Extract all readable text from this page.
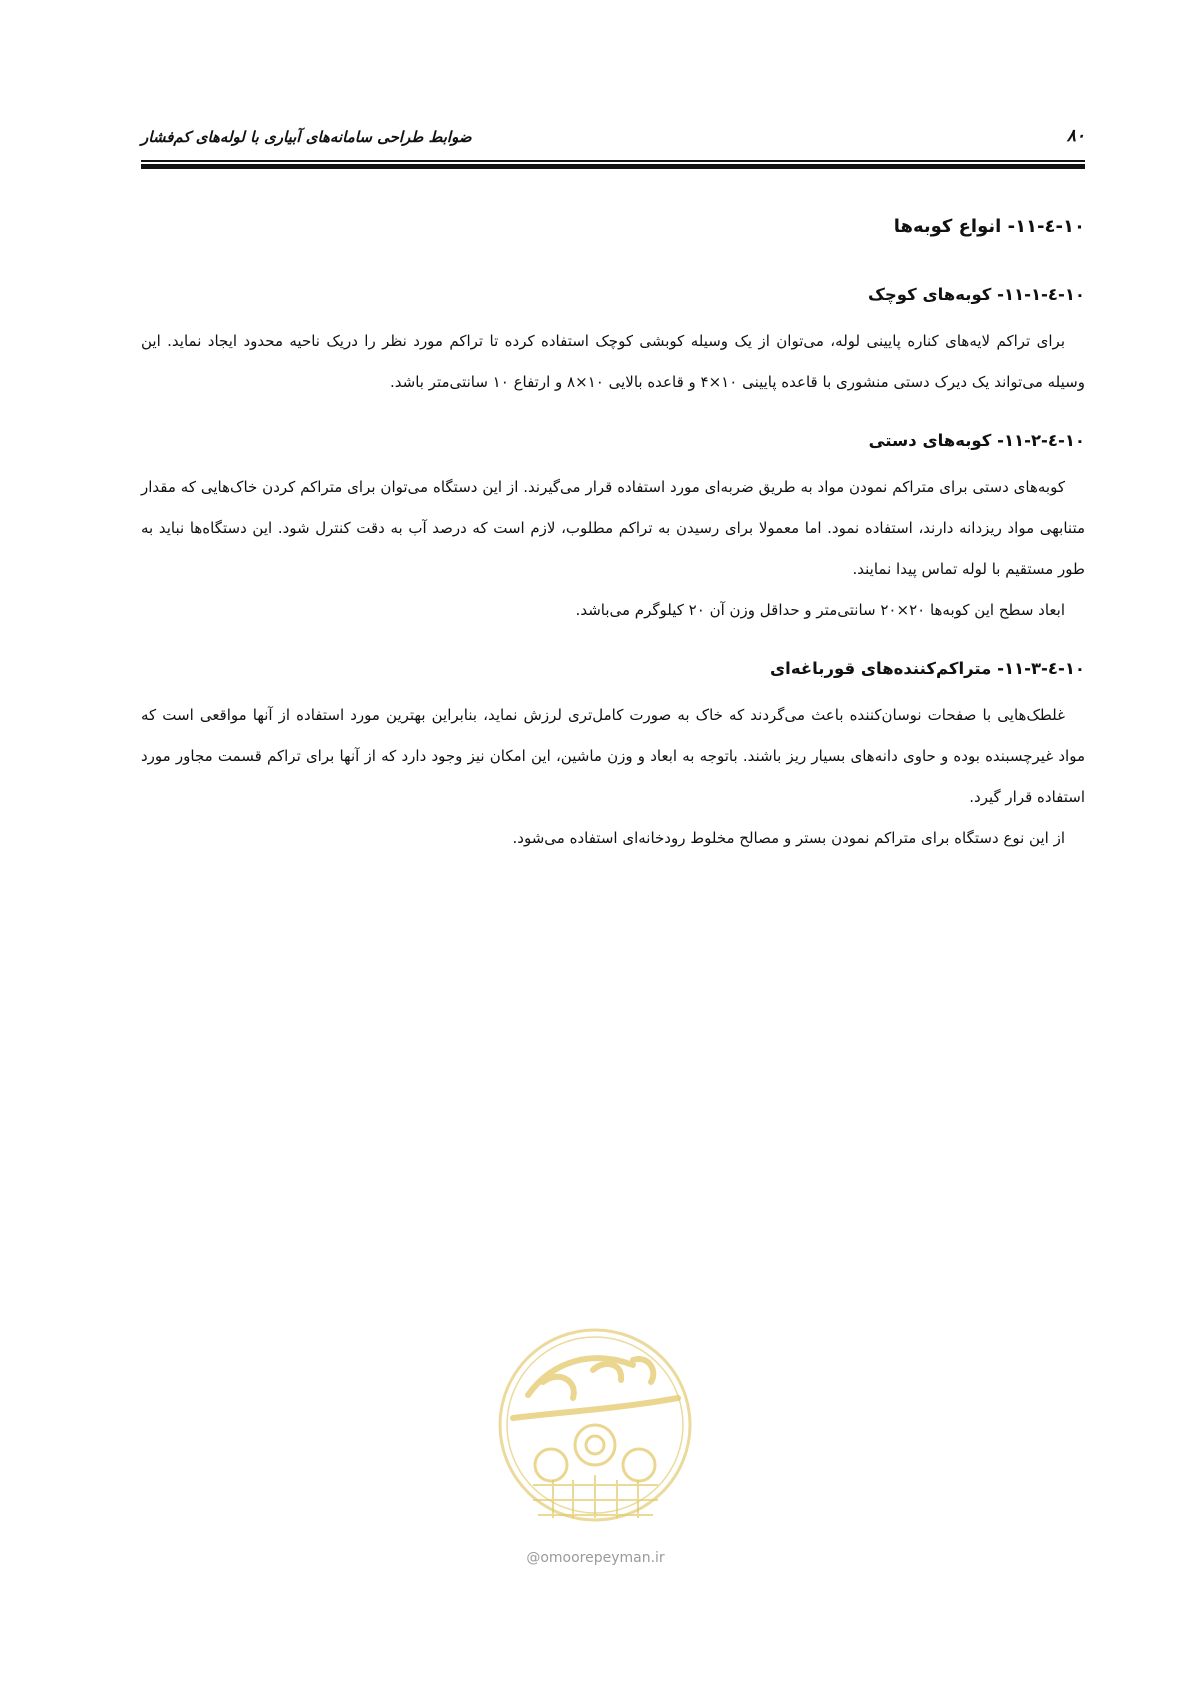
ضوابط طراحی سامانه‌های آبیاری با لوله‌های کم‌فشار	۸۰
۱۰-٤-۱۱- انواع کوبه‌ها
۱۰-٤-۱۱-۱- کوبه‌های کوچک

برای تراکم لایه‌های کناره پایینی لوله، می‌توان از یک وسیله کوبشی کوچک استفاده کرده تا تراکم مورد نظر را دریک ناحیه محدود ایجاد نماید. این وسیله می‌تواند یک دیرک دستی منشوری با قاعده پایینی ۱۰×۴ و قاعده بالایی ۱۰×۸ و ارتفاع ۱۰ سانتی‌متر باشد.

۱۰-٤-۱۱-۲- کوبه‌های دستی

کوبه‌های دستی برای متراکم نمودن مواد به طریق ضربه‌ای مورد استفاده قرار می‌گیرند. از این دستگاه می‌توان برای متراکم کردن خاک‌هایی که مقدار متنابهی مواد ریزدانه دارند، استفاده نمود. اما معمولا برای رسیدن به تراکم مطلوب، لازم است که درصد آب به دقت کنترل شود. این دستگاه‌ها نباید به طور مستقیم با لوله تماس پیدا نمایند.

ابعاد سطح این کوبه‌ها ۲۰×۲۰ سانتی‌متر و حداقل وزن آن ۲۰ کیلوگرم می‌باشد.

۱۰-٤-۱۱-۳- متراکم‌کننده‌های قورباغه‌ای

غلطک‌هایی با صفحات نوسان‌کننده باعث می‌گردند که خاک به صورت کامل‌تری لرزش نماید، بنابراین بهترین مورد استفاده از آنها مواقعی است که مواد غیرچسبنده بوده و حاوی دانه‌های بسیار ریز باشند. باتوجه به ابعاد و وزن ماشین، این امکان نیز وجود دارد که از آنها برای تراکم قسمت مجاور مورد استفاده قرار گیرد.

از این نوع دستگاه برای متراکم نمودن بستر و مصالح مخلوط رودخانه‌ای استفاده می‌شود.

@omoorepeyman.ir
